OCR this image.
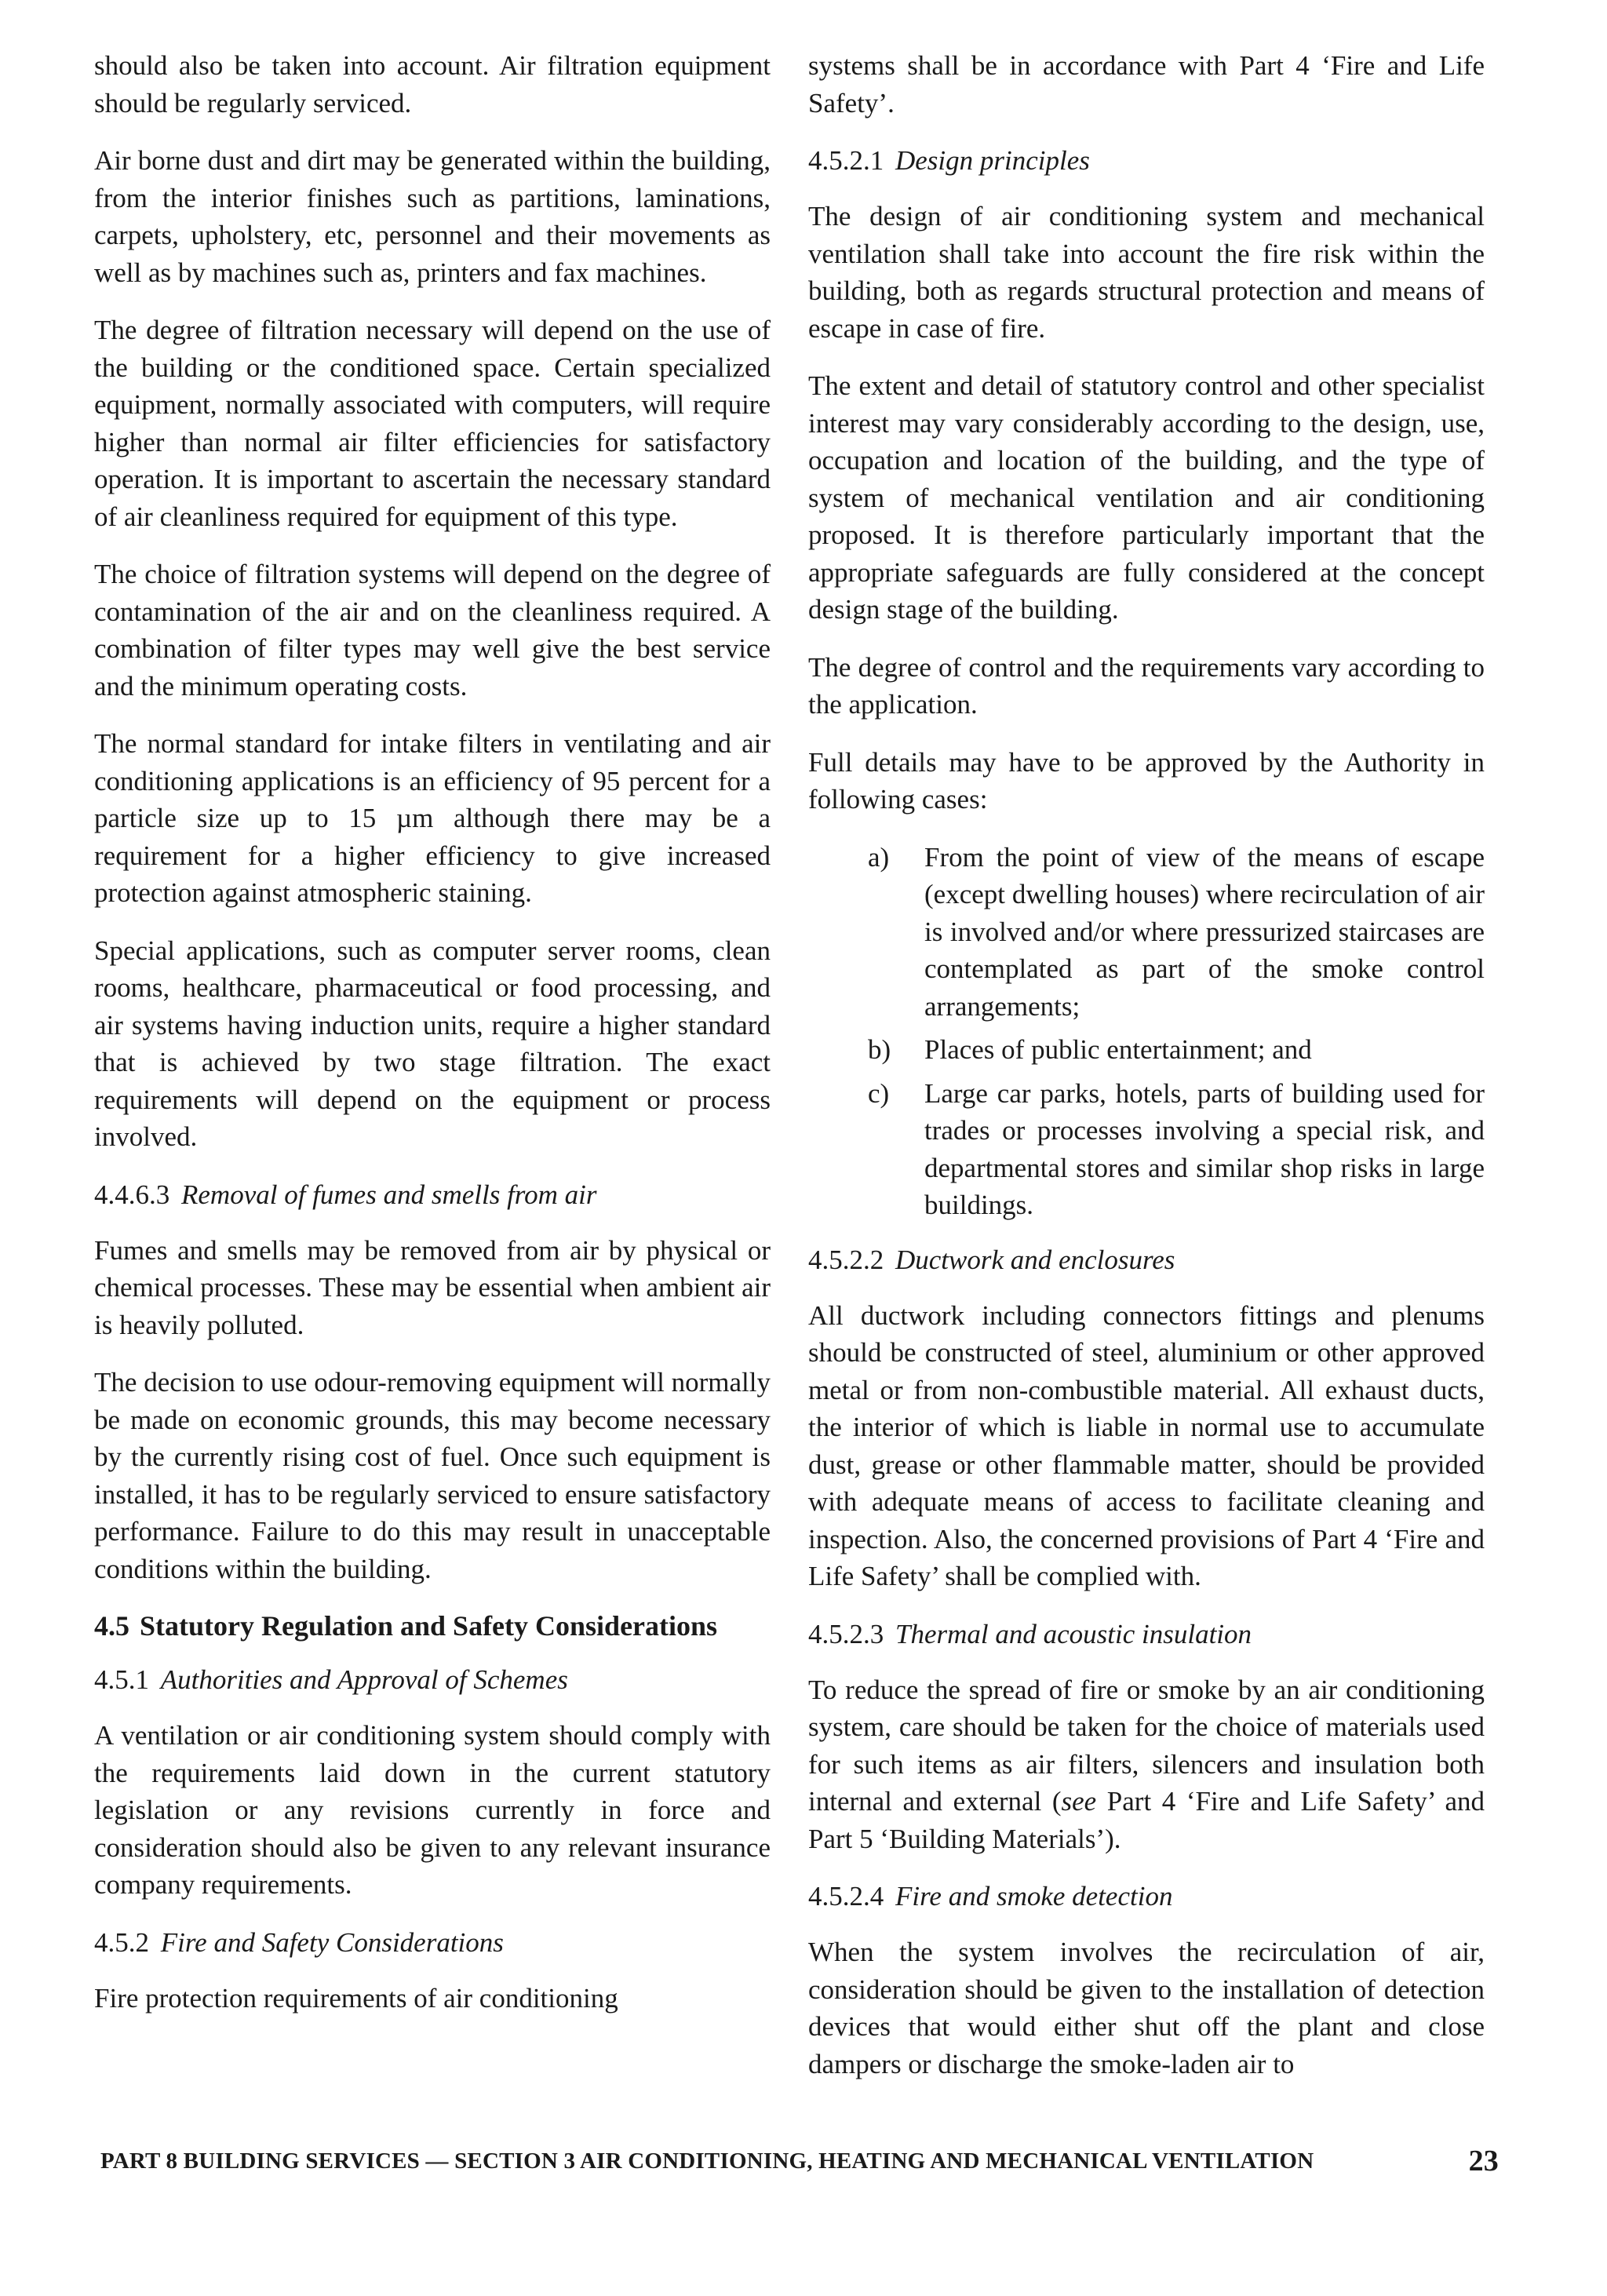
should also be taken into account. Air filtration equipment should be regularly serviced.

Air borne dust and dirt may be generated within the building, from the interior finishes such as partitions, laminations, carpets, upholstery, etc, personnel and their movements as well as by machines such as, printers and fax machines.

The degree of filtration necessary will depend on the use of the building or the conditioned space. Certain specialized equipment, normally associated with computers, will require higher than normal air filter efficiencies for satisfactory operation. It is important to ascertain the necessary standard of air cleanliness required for equipment of this type.

The choice of filtration systems will depend on the degree of contamination of the air and on the cleanliness required. A combination of filter types may well give the best service and the minimum operating costs.

The normal standard for intake filters in ventilating and air conditioning applications is an efficiency of 95 percent for a particle size up to 15 µm although there may be a requirement for a higher efficiency to give increased protection against atmospheric staining.

Special applications, such as computer server rooms, clean rooms, healthcare, pharmaceutical or food processing, and air systems having induction units, require a higher standard that is achieved by two stage filtration. The exact requirements will depend on the equipment or process involved.

4.4.6.3 Removal of fumes and smells from air

Fumes and smells may be removed from air by physical or chemical processes. These may be essential when ambient air is heavily polluted.

The decision to use odour-removing equipment will normally be made on economic grounds, this may become necessary by the currently rising cost of fuel. Once such equipment is installed, it has to be regularly serviced to ensure satisfactory performance. Failure to do this may result in unacceptable conditions within the building.

4.5 Statutory Regulation and Safety Considerations
4.5.1 Authorities and Approval of Schemes

A ventilation or air conditioning system should comply with the requirements laid down in the current statutory legislation or any revisions currently in force and consideration should also be given to any relevant insurance company requirements.

4.5.2 Fire and Safety Considerations

Fire protection requirements of air conditioning

systems shall be in accordance with Part 4 ‘Fire and Life Safety’.

4.5.2.1 Design principles

The design of air conditioning system and mechanical ventilation shall take into account the fire risk within the building, both as regards structural protection and means of escape in case of fire.

The extent and detail of statutory control and other specialist interest may vary considerably according to the design, use, occupation and location of the building, and the type of system of mechanical ventilation and air conditioning proposed. It is therefore particularly important that the appropriate safeguards are fully considered at the concept design stage of the building.

The degree of control and the requirements vary according to the application.

Full details may have to be approved by the Authority in following cases:

a) From the point of view of the means of escape (except dwelling houses) where recirculation of air is involved and/or where pressurized staircases are contemplated as part of the smoke control arrangements;
b) Places of public entertainment; and
c) Large car parks, hotels, parts of building used for trades or processes involving a special risk, and departmental stores and similar shop risks in large buildings.
4.5.2.2 Ductwork and enclosures

All ductwork including connectors fittings and plenums should be constructed of steel, aluminium or other approved metal or from non-combustible material. All exhaust ducts, the interior of which is liable in normal use to accumulate dust, grease or other flammable matter, should be provided with adequate means of access to facilitate cleaning and inspection. Also, the concerned provisions of Part 4 ‘Fire and Life Safety’ shall be complied with.

4.5.2.3 Thermal and acoustic insulation

To reduce the spread of fire or smoke by an air conditioning system, care should be taken for the choice of materials used for such items as air filters, silencers and insulation both internal and external (see Part 4 ‘Fire and Life Safety’ and Part 5 ‘Building Materials’).

4.5.2.4 Fire and smoke detection

When the system involves the recirculation of air, consideration should be given to the installation of detection devices that would either shut off the plant and close dampers or discharge the smoke-laden air to

PART 8 BUILDING SERVICES — SECTION 3 AIR CONDITIONING, HEATING AND MECHANICAL VENTILATION	23
